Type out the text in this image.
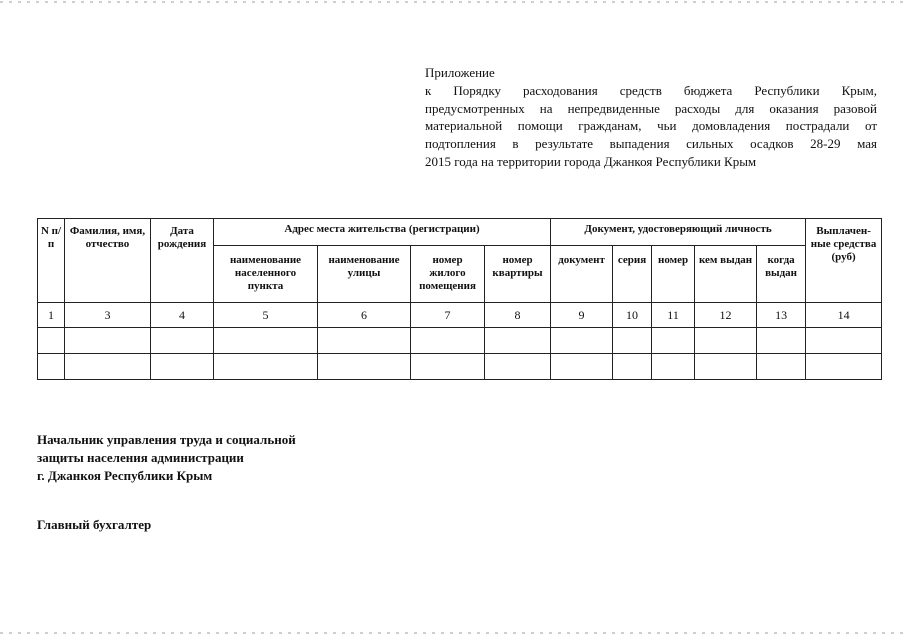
Приложение
к Порядку расходования средств бюджета Республики Крым,
предусмотренных на непредвиденные расходы для оказания разовой
материальной помощи гражданам, чьи домовладения пострадали от
подтопления в результате выпадения сильных осадков 28-29 мая
2015 года на территории города Джанкоя Республики Крым
N п/п	Фамилия, имя, отчество	Дата рождения	Адрес места жительства (регистрации)				Документ, удостоверяющий личность					Выплачен-ные средства (руб)
			наименование населенного пункта	наименование улицы	номер жилого помещения	номер квартиры	документ	серия	номер	кем выдан	когда выдан	
1	3	4	5	6	7	8	9	10	11	12	13	14

Начальник управления труда и социальной
защиты населения администрации
г. Джанкоя Республики Крым
Главный бухгалтер
